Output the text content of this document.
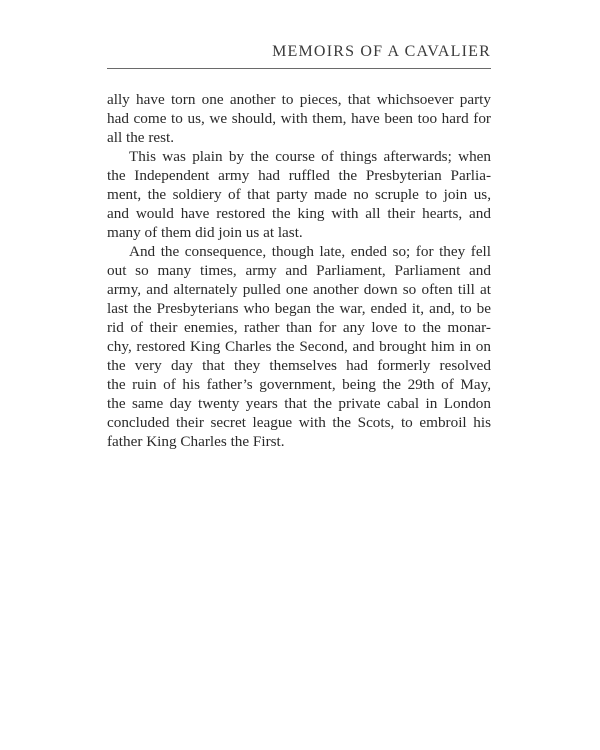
MEMOIRS OF A CAVALIER
ally have torn one another to pieces, that whichsoever party
had come to us, we should, with them, have been too hard for
all the rest.
This was plain by the course of things afterwards; when
the Independent army had ruffled the Presbyterian Parlia-
ment, the soldiery of that party made no scruple to join us,
and would have restored the king with all their hearts, and
many of them did join us at last.
And the consequence, though late, ended so; for they fell
out so many times, army and Parliament, Parliament and
army, and alternately pulled one another down so often till at
last the Presbyterians who began the war, ended it, and, to be
rid of their enemies, rather than for any love to the monar-
chy, restored King Charles the Second, and brought him in on
the very day that they themselves had formerly resolved
the ruin of his father’s government, being the 29th of May,
the same day twenty years that the private cabal in London
concluded their secret league with the Scots, to embroil his
father King Charles the First.
